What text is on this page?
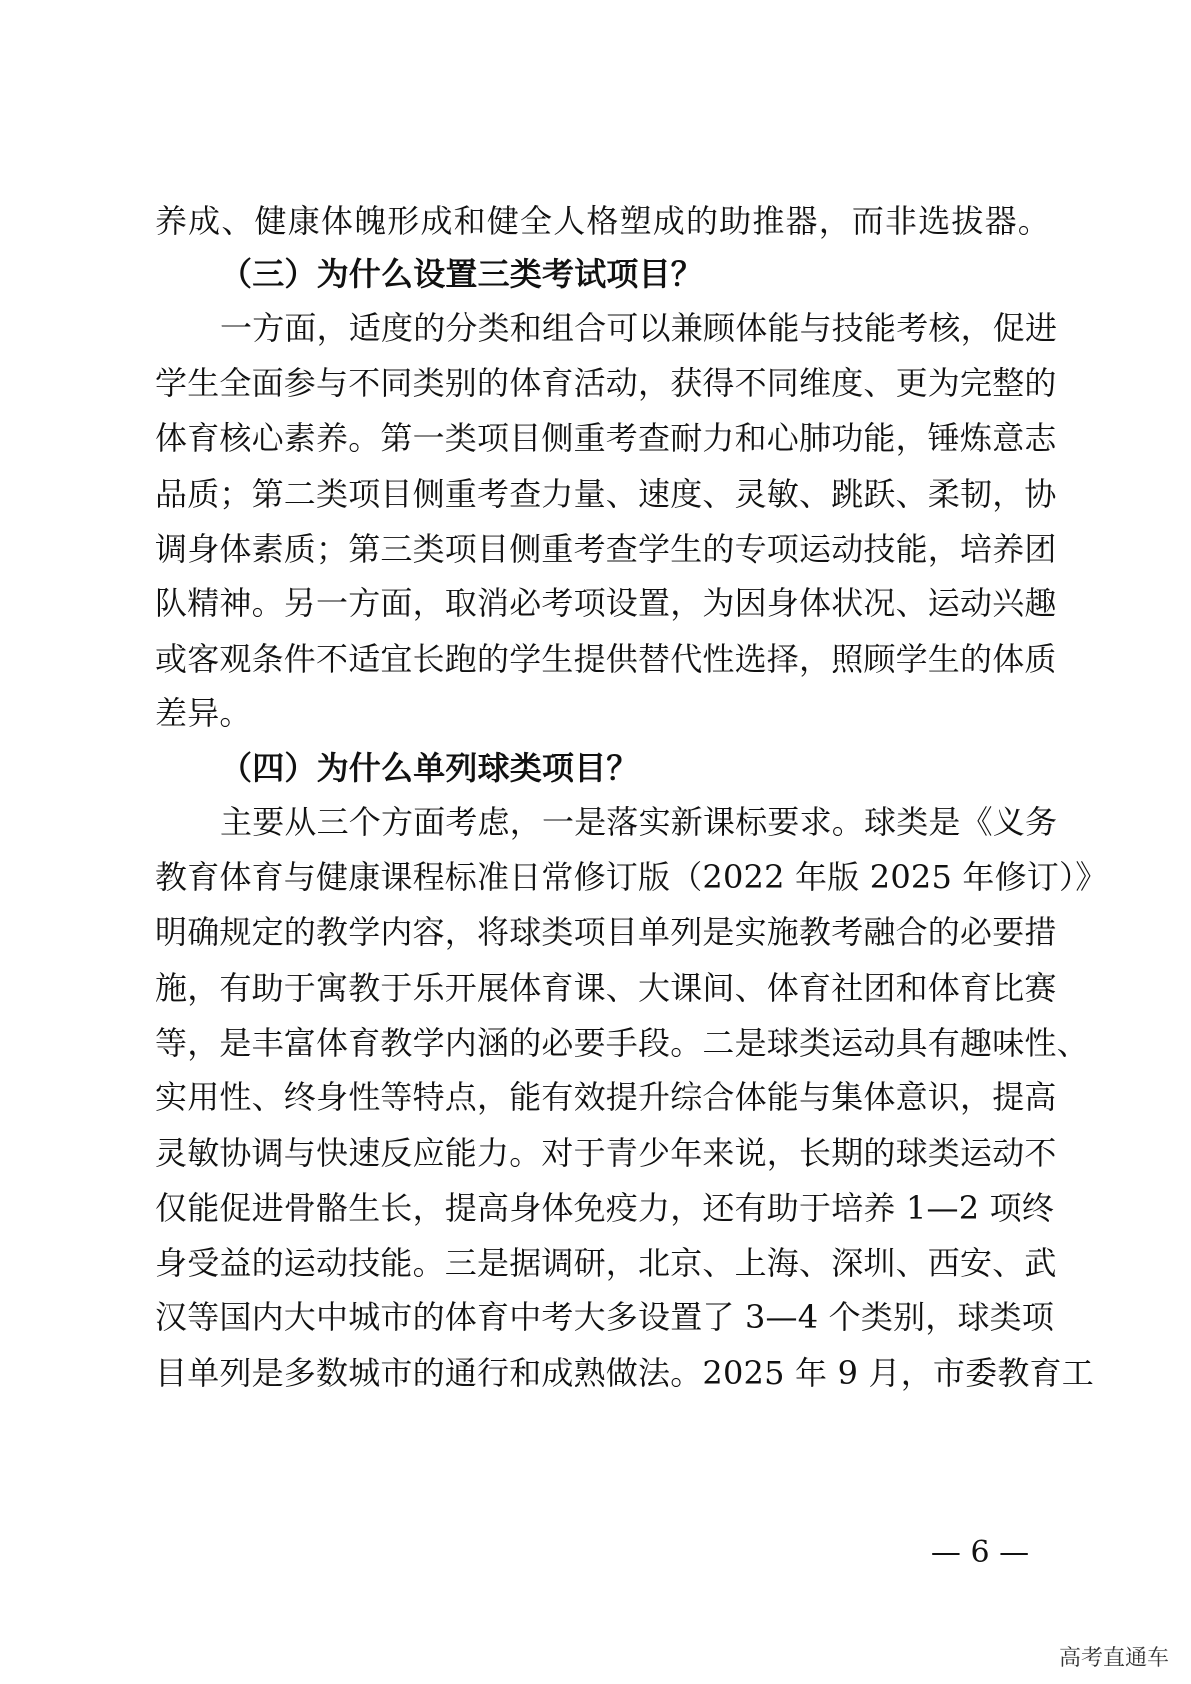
养成、健康体魄形成和健全人格塑成的助推器，而非选拔器。
（三）为什么设置三类考试项目？
一方面，适度的分类和组合可以兼顾体能与技能考核，促进
学生全面参与不同类别的体育活动，获得不同维度、更为完整的
体育核心素养。第一类项目侧重考查耐力和心肺功能，锤炼意志
品质；第二类项目侧重考查力量、速度、灵敏、跳跃、柔韧，协
调身体素质；第三类项目侧重考查学生的专项运动技能，培养团
队精神。另一方面，取消必考项设置，为因身体状况、运动兴趣
或客观条件不适宜长跑的学生提供替代性选择，照顾学生的体质
差异。
（四）为什么单列球类项目？
主要从三个方面考虑，一是落实新课标要求。球类是《义务
教育体育与健康课程标准日常修订版（2022 年版 2025 年修订）》
明确规定的教学内容，将球类项目单列是实施教考融合的必要措
施，有助于寓教于乐开展体育课、大课间、体育社团和体育比赛
等，是丰富体育教学内涵的必要手段。二是球类运动具有趣味性、
实用性、终身性等特点，能有效提升综合体能与集体意识，提高
灵敏协调与快速反应能力。对于青少年来说，长期的球类运动不
仅能促进骨骼生长，提高身体免疫力，还有助于培养 1—2 项终
身受益的运动技能。三是据调研，北京、上海、深圳、西安、武
汉等国内大中城市的体育中考大多设置了 3—4 个类别，球类项
目单列是多数城市的通行和成熟做法。2025 年 9 月，市委教育工
— 6 —
高考直通车
